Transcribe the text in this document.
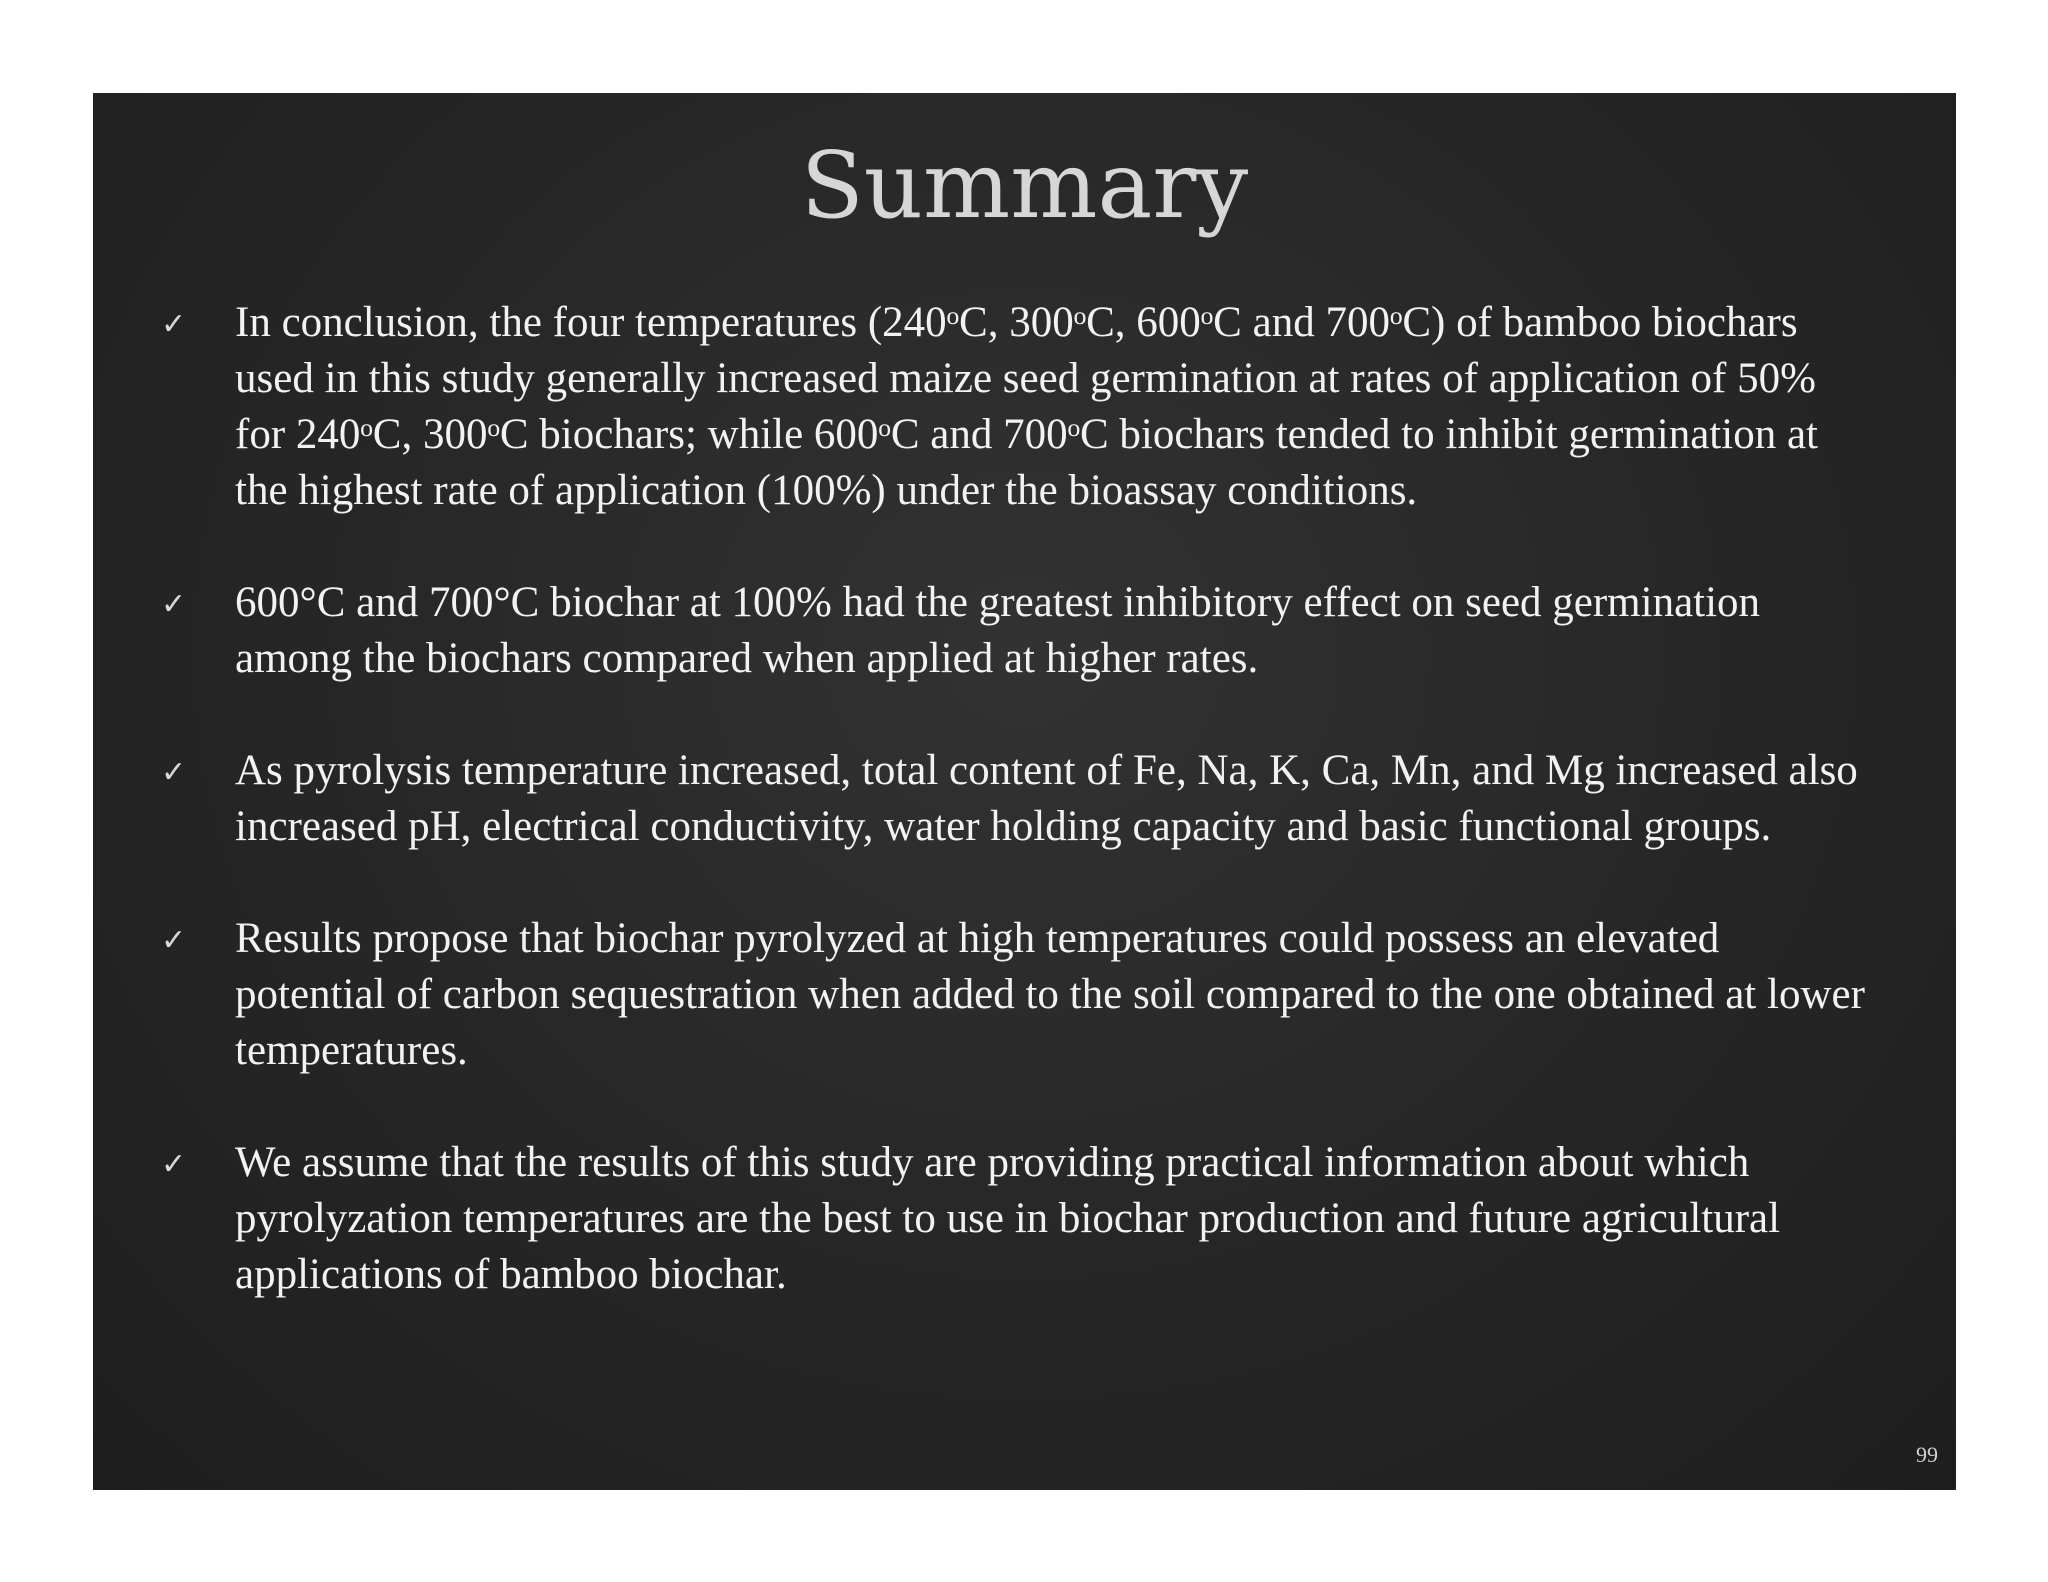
Summary
✓ In conclusion, the four temperatures (240ᵒC, 300ᵒC, 600ᵒC and 700ᵒC) of bamboo biochars used in this study generally increased maize seed germination at rates of application of 50% for 240ᵒC, 300ᵒC biochars; while 600ᵒC and 700ᵒC biochars tended to inhibit germination at the highest rate of application (100%) under the bioassay conditions.
✓ 600°C and 700°C biochar at 100% had the greatest inhibitory effect on seed germination among the biochars compared when applied at higher rates.
✓ As pyrolysis temperature increased, total content of Fe, Na, K, Ca, Mn, and Mg increased also increased pH, electrical conductivity, water holding capacity and basic functional groups.
✓ Results propose that biochar pyrolyzed at high temperatures could possess an elevated potential of carbon sequestration when added to the soil compared to the one obtained at lower temperatures.
✓ We assume that the results of this study are providing practical information about which pyrolyzation temperatures are the best to use in biochar production and future agricultural applications of bamboo biochar.
99
